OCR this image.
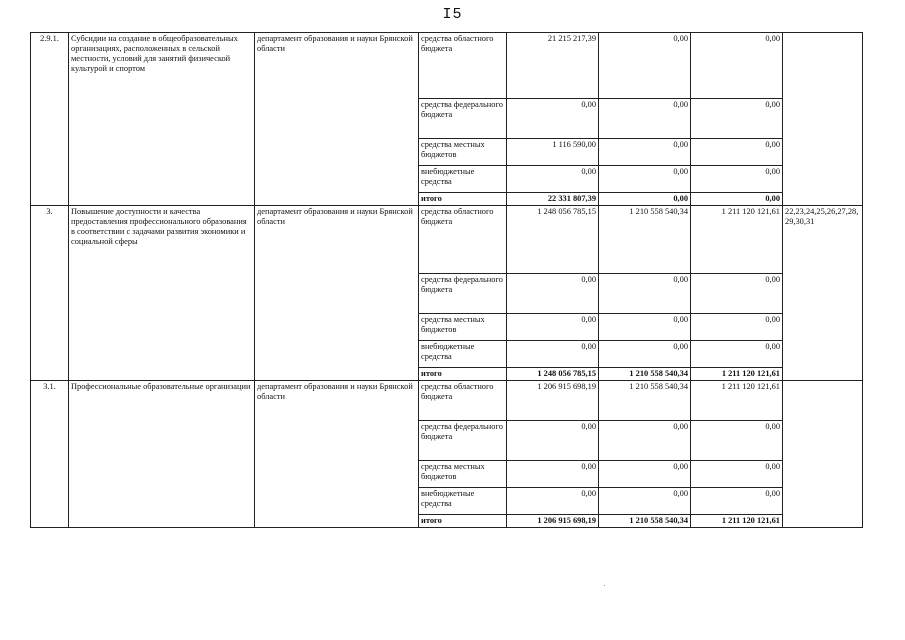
I5
2.9.1.	Субсидии на создание в общеобразовательных организациях, расположенных в сельской местности, условий для занятий физической культурой и спортом	департамент образования и науки Брянской области	средства областного бюджета	21 215 217,39	0,00	0,00	
			средства федерального бюджета	0,00	0,00	0,00	
			средства местных бюджетов	1 116 590,00	0,00	0,00	
			внебюджетные средства	0,00	0,00	0,00	
			итого	22 331 807,39	0,00	0,00	
3.	Повышение доступности и качества предоставления профессионального образования в соответствии с задачами развития экономики и социальной сферы	департамент образования и науки Брянской области	средства областного бюджета	1 248 056 785,15	1 210 558 540,34	1 211 120 121,61	22,23,24,25,26,27,28, 29,30,31
			средства федерального бюджета	0,00	0,00	0,00	
			средства местных бюджетов	0,00	0,00	0,00	
			внебюджетные средства	0,00	0,00	0,00	
			итого	1 248 056 785,15	1 210 558 540,34	1 211 120 121,61	
3.1.	Профессиональные образовательные организации	департамент образования и науки Брянской области	средства областного бюджета	1 206 915 698,19	1 210 558 540,34	1 211 120 121,61	
			средства федерального бюджета	0,00	0,00	0,00	
			средства местных бюджетов	0,00	0,00	0,00	
			внебюджетные средства	0,00	0,00	0,00	
			итого	1 206 915 698,19	1 210 558 540,34	1 211 120 121,61	
